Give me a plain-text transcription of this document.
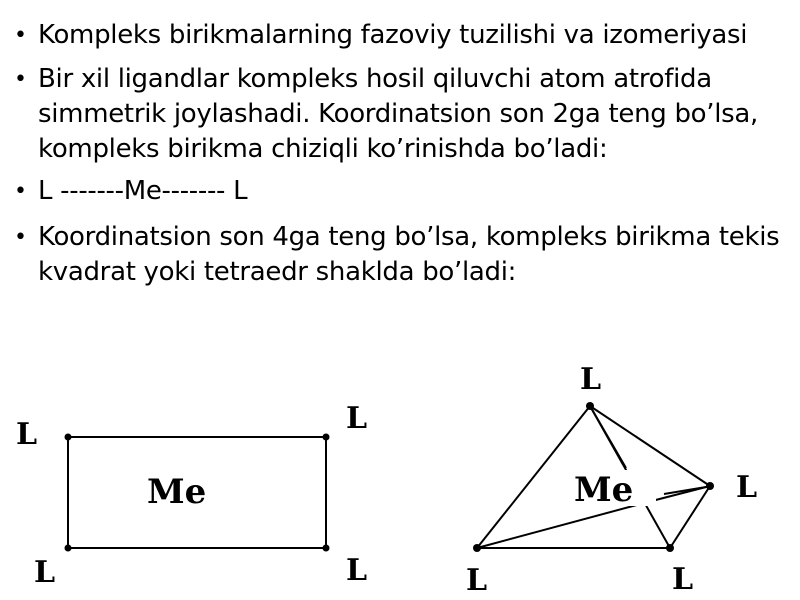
• Kompleks birikmalarning fazoviy tuzilishi va izomeriyasi
• Bir xil ligandlar kompleks hosil qiluvchi atom atrofida simmetrik joylashadi. Koordinatsion son 2ga teng bo’lsa, kompleks birikma chiziqli ko’rinishda bo’ladi:
• L -------Me------- L
• Koordinatsion son 4ga teng bo’lsa, kompleks birikma tekis kvadrat yoki tetraedr shakldа bo’ladi:
L	L
L	L
Me	Me
L
L
L	L
